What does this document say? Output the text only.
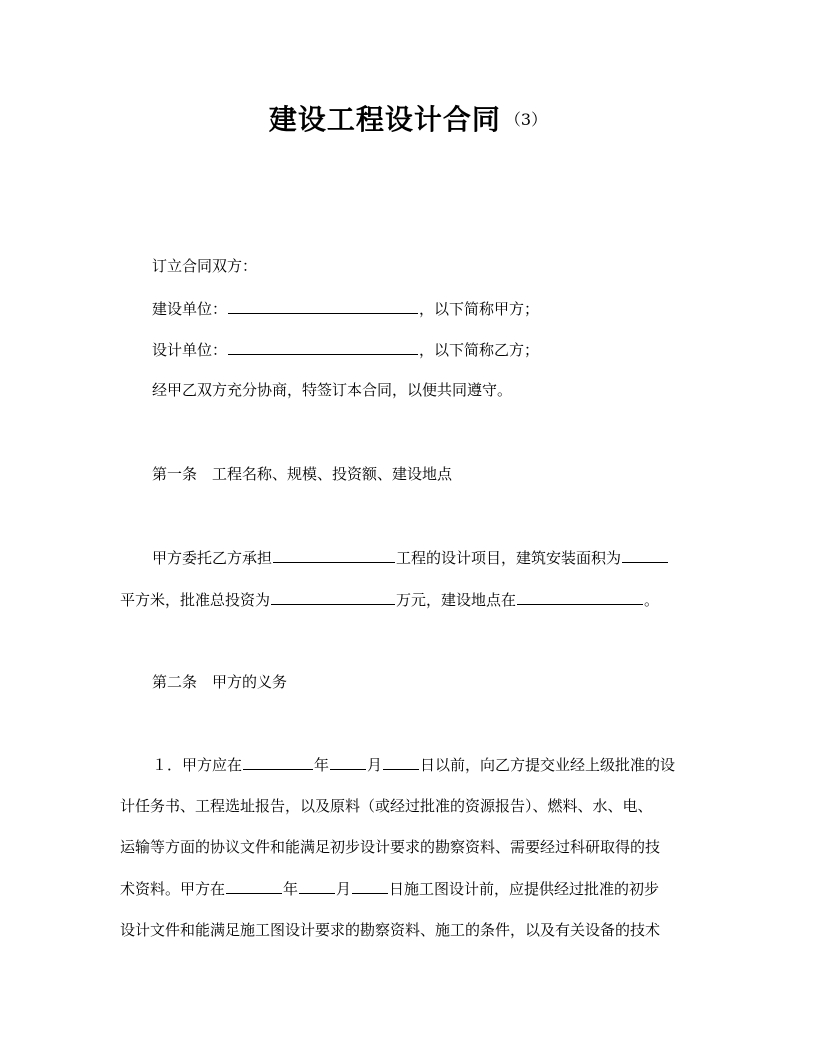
建设工程设计合同 （3）
订立合同双方：
建设单位：	，以下简称甲方；
设计单位：	，以下简称乙方；
经甲乙双方充分协商，特签订本合同，以便共同遵守。
第一条　工程名称、规模、投资额、建设地点
甲方委托乙方承担	工程的设计项目，建筑安装面积为
平方米，批准总投资为	万元，建设地点在	。
第二条　甲方的义务
１．甲方应在	年	月	日以前，向乙方提交业经上级批准的设
计任务书、工程选址报告，以及原料（或经过批准的资源报告）、燃料、水、电、
运输等方面的协议文件和能满足初步设计要求的勘察资料、需要经过科研取得的技
术资料。甲方在	年	月	日施工图设计前，应提供经过批准的初步
设计文件和能满足施工图设计要求的勘察资料、施工的条件，以及有关设备的技术
